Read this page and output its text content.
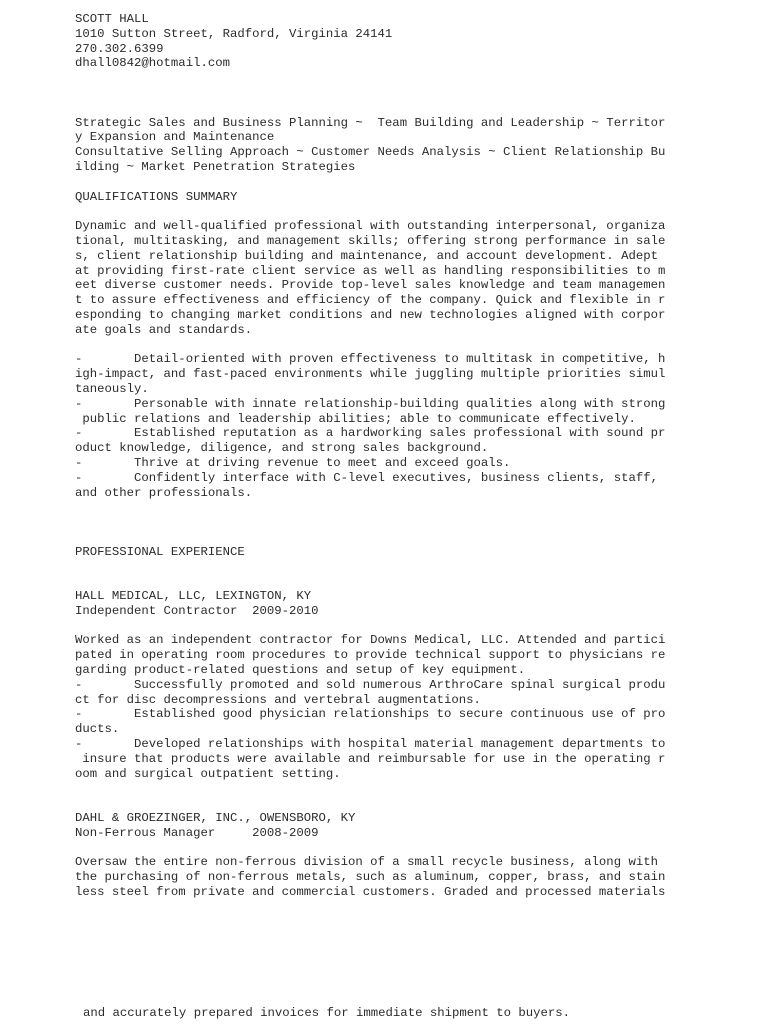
SCOTT HALL
1010 Sutton Street, Radford, Virginia 24141
270.302.6399
dhall0842@hotmail.com
Strategic Sales and Business Planning ~  Team Building and Leadership ~ Territor
y Expansion and Maintenance
Consultative Selling Approach ~ Customer Needs Analysis ~ Client Relationship Bu
ilding ~ Market Penetration Strategies
QUALIFICATIONS SUMMARY
Dynamic and well-qualified professional with outstanding interpersonal, organiza
tional, multitasking, and management skills; offering strong performance in sale
s, client relationship building and maintenance, and account development. Adept
at providing first-rate client service as well as handling responsibilities to m
eet diverse customer needs. Provide top-level sales knowledge and team managemen
t to assure effectiveness and efficiency of the company. Quick and flexible in r
esponding to changing market conditions and new technologies aligned with corpor
ate goals and standards.
-       Detail-oriented with proven effectiveness to multitask in competitive, h
igh-impact, and fast-paced environments while juggling multiple priorities simul
taneously.
-       Personable with innate relationship-building qualities along with strong
public relations and leadership abilities; able to communicate effectively.
-       Established reputation as a hardworking sales professional with sound pr
oduct knowledge, diligence, and strong sales background.
-       Thrive at driving revenue to meet and exceed goals.
-       Confidently interface with C-level executives, business clients, staff,
and other professionals.
PROFESSIONAL EXPERIENCE
HALL MEDICAL, LLC, LEXINGTON, KY
Independent Contractor  2009-2010
Worked as an independent contractor for Downs Medical, LLC. Attended and partici
pated in operating room procedures to provide technical support to physicians re
garding product-related questions and setup of key equipment.
-       Successfully promoted and sold numerous ArthroCare spinal surgical produ
ct for disc decompressions and vertebral augmentations.
-       Established good physician relationships to secure continuous use of pro
ducts.
-       Developed relationships with hospital material management departments to
insure that products were available and reimbursable for use in the operating r
oom and surgical outpatient setting.
DAHL & GROEZINGER, INC., OWENSBORO, KY
Non-Ferrous Manager     2008-2009
Oversaw the entire non-ferrous division of a small recycle business, along with
the purchasing of non-ferrous metals, such as aluminum, copper, brass, and stain
less steel from private and commercial customers. Graded and processed materials
and accurately prepared invoices for immediate shipment to buyers.
